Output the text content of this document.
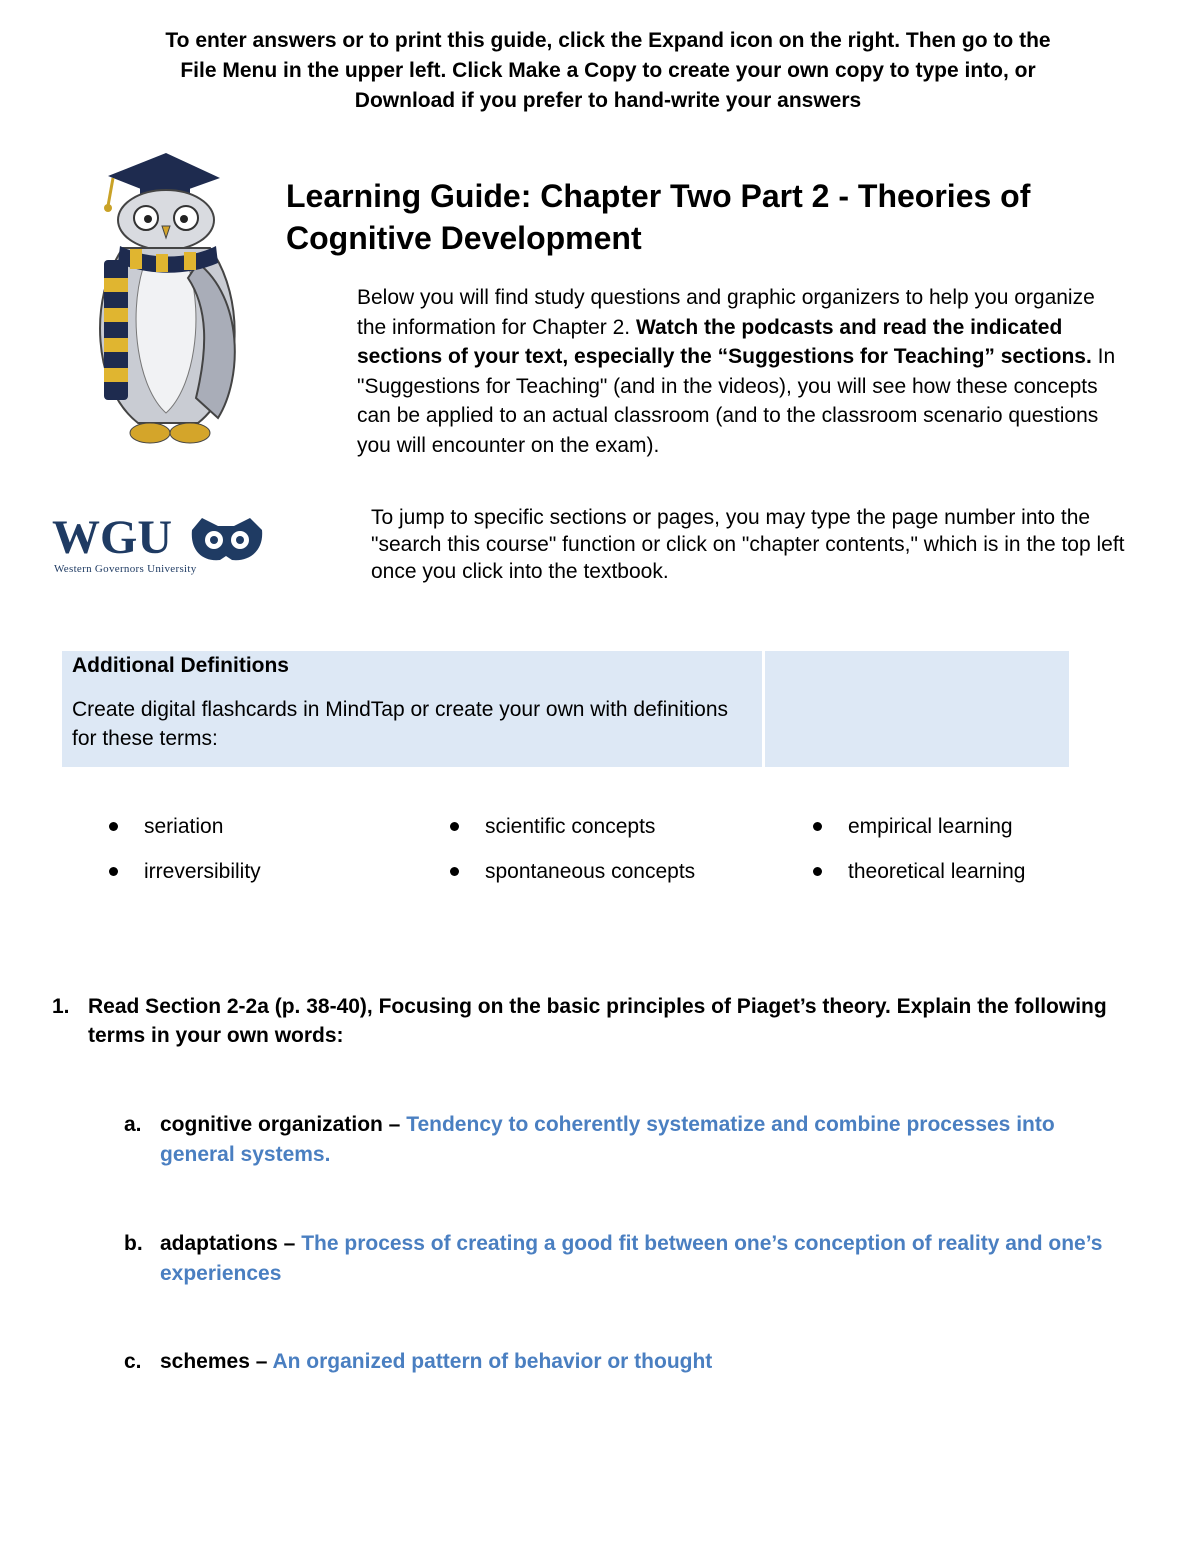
To enter answers or to print this guide, click the Expand icon on the right. Then go to the
File Menu in the upper left. Click Make a Copy to create your own copy to type into, or
Download if you prefer to hand-write your answers
WGU
Western Governors University
Learning Guide: Chapter Two Part 2 - Theories of Cognitive Development

Below you will find study questions and graphic organizers to help you organize the information for Chapter 2. Watch the podcasts and read the indicated sections of your text, especially the “Suggestions for Teaching” sections. In "Suggestions for Teaching" (and in the videos), you will see how these concepts can be applied to an actual classroom (and to the classroom scenario questions you will encounter on the exam).

To jump to specific sections or pages, you may type the page number into the "search this course" function or click on "chapter contents," which is in the top left once you click into the textbook.

Additional Definitions
Create digital flashcards in MindTap or create your own with definitions for these terms:
seriation	scientific concepts	empirical learning
irreversibility	spontaneous concepts	theoretical learning
1. Read Section 2-2a (p. 38-40), Focusing on the basic principles of Piaget’s theory. Explain the following terms in your own words:
a. cognitive organization – Tendency to coherently systematize and combine processes into general systems.
b. adaptations – The process of creating a good fit between one’s conception of reality and one’s experiences
c. schemes – An organized pattern of behavior or thought
